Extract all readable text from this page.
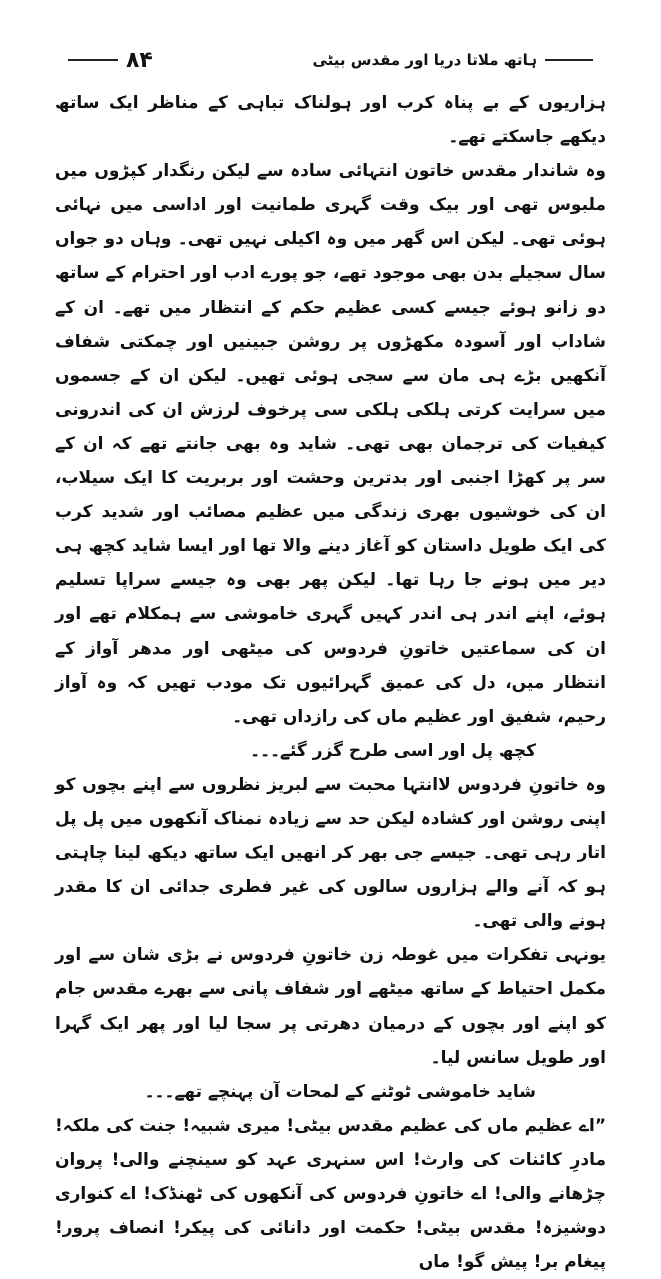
۸۴	ہاتھ ملاتا دریا اور مقدس بیٹی

ہزاریوں کے بے پناہ کرب اور ہولناک تباہی کے مناظر ایک ساتھ دیکھے جاسکتے تھے۔

وہ شاندار مقدس خاتون انتہائی سادہ سے لیکن رنگدار کپڑوں میں ملبوس تھی اور بیک وقت گہری طمانیت اور اداسی میں نہائی ہوئی تھی۔ لیکن اس گھر میں وہ اکیلی نہیں تھی۔ وہاں دو جواں سال سجیلے بدن بھی موجود تھے، جو پورے ادب اور احترام کے ساتھ دو زانو ہوئے جیسے کسی عظیم حکم کے انتظار میں تھے۔ ان کے شاداب اور آسودہ مکھڑوں پر روشن جبینیں اور چمکتی شفاف آنکھیں بڑے ہی مان سے سجی ہوئی تھیں۔ لیکن ان کے جسموں میں سرایت کرتی ہلکی ہلکی سی پرخوف لرزش ان کی اندرونی کیفیات کی ترجمان بھی تھی۔ شاید وہ بھی جانتے تھے کہ ان کے سر پر کھڑا اجنبی اور بدترین وحشت اور بربریت کا ایک سیلاب، ان کی خوشیوں بھری زندگی میں عظیم مصائب اور شدید کرب کی ایک طویل داستان کو آغاز دینے والا تھا اور ایسا شاید کچھ ہی دیر میں ہونے جا رہا تھا۔ لیکن پھر بھی وہ جیسے سراپا تسلیم ہوئے، اپنے اندر ہی اندر کہیں گہری خاموشی سے ہمکلام تھے اور ان کی سماعتیں خاتونِ فردوس کی میٹھی اور مدھر آواز کے انتظار میں، دل کی عمیق گہرائیوں تک مودب تھیں کہ وہ آواز رحیم، شفیق اور عظیم ماں کی رازداں تھی۔

کچھ پل اور اسی طرح گزر گئے۔۔۔

وہ خاتونِ فردوس لاانتہا محبت سے لبریز نظروں سے اپنے بچوں کو اپنی روشن اور کشادہ لیکن حد سے زیادہ نمناک آنکھوں میں پل پل اتار رہی تھی۔ جیسے جی بھر کر انھیں ایک ساتھ دیکھ لینا چاہتی ہو کہ آنے والے ہزاروں سالوں کی غیر فطری جدائی ان کا مقدر ہونے والی تھی۔

یونہی تفکرات میں غوطہ زن خاتونِ فردوس نے بڑی شان سے اور مکمل احتیاط کے ساتھ میٹھے اور شفاف پانی سے بھرے مقدس جام کو اپنے اور بچوں کے درمیان دھرتی پر سجا لیا اور پھر ایک گہرا اور طویل سانس لیا۔

شاید خاموشی ٹوٹنے کے لمحات آن پہنچے تھے۔۔۔

”اے عظیم ماں کی عظیم مقدس بیٹی! میری شبیہ! جنت کی ملکہ! مادرِ کائنات کی وارث! اس سنہری عہد کو سینچنے والی! پروان چڑھانے والی! اے خاتونِ فردوس کی آنکھوں کی ٹھنڈک! اے کنواری دوشیزہ! مقدس بیٹی! حکمت اور دانائی کی پیکر! انصاف پرور! پیغام بر! پیش گو! ماں
